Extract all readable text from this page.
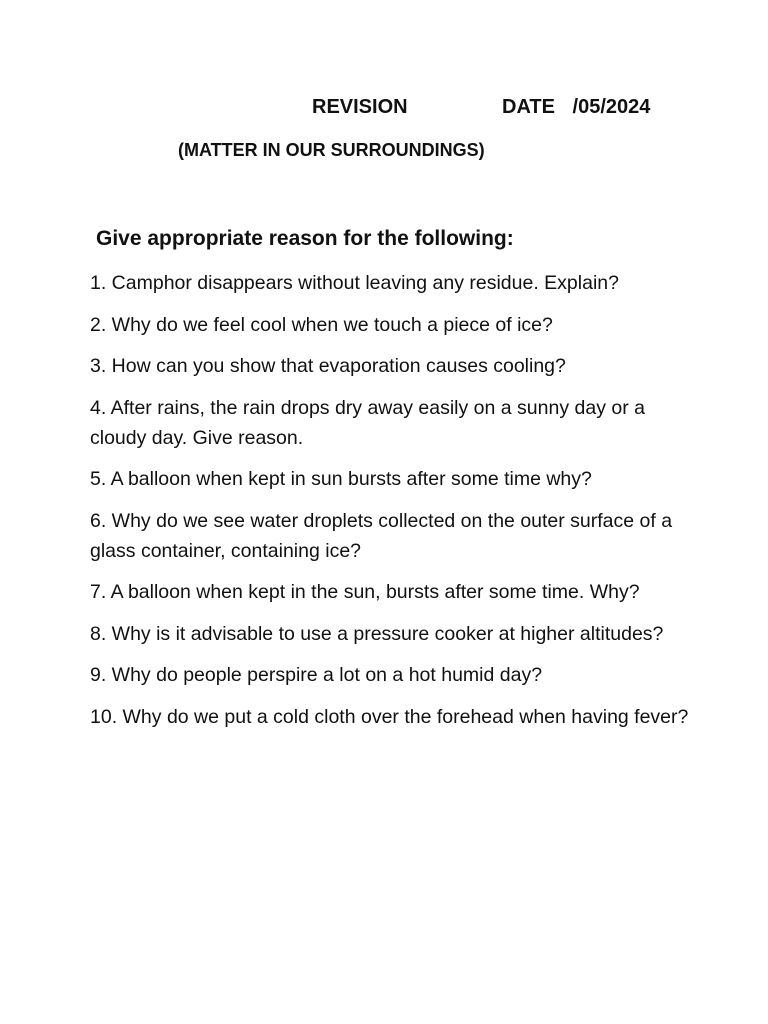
REVISION	DATE /05/2024
(MATTER IN OUR SURROUNDINGS)
Give appropriate reason for the following:
1. Camphor disappears without leaving any residue. Explain?
2. Why do we feel cool when we touch a piece of ice?
3. How can you show that evaporation causes cooling?
4. After rains, the rain drops dry away easily on a sunny day or a cloudy day. Give reason.
5. A balloon when kept in sun bursts after some time why?
6. Why do we see water droplets collected on the outer surface of a glass container, containing ice?
7. A balloon when kept in the sun, bursts after some time. Why?
8. Why is it advisable to use a pressure cooker at higher altitudes?
9. Why do people perspire a lot on a hot humid day?
10. Why do we put a cold cloth over the forehead when having fever?
